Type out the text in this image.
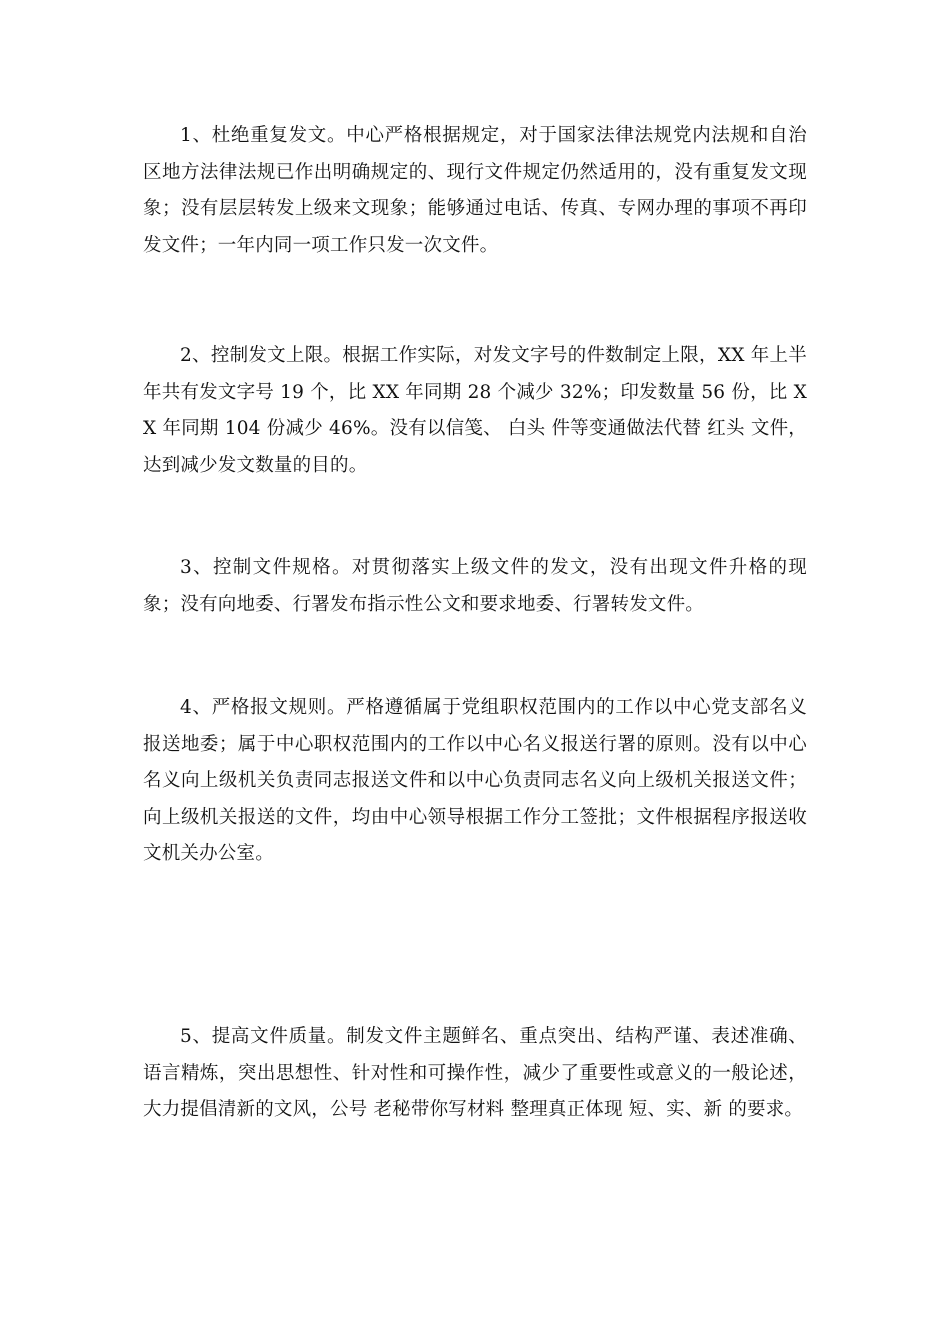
1、杜绝重复发文。中心严格根据规定，对于国家法律法规党内法规和自治区地方法律法规已作出明确规定的、现行文件规定仍然适用的，没有重复发文现象；没有层层转发上级来文现象；能够通过电话、传真、专网办理的事项不再印发文件；一年内同一项工作只发一次文件。

2、控制发文上限。根据工作实际，对发文字号的件数制定上限，XX 年上半年共有发文字号 19 个，比 XX 年同期 28 个减少 32%；印发数量 56 份，比 XX 年同期 104 份减少 46%。没有以信笺、 白头 件等变通做法代替 红头 文件，达到减少发文数量的目的。

3、控制文件规格。对贯彻落实上级文件的发文，没有出现文件升格的现象；没有向地委、行署发布指示性公文和要求地委、行署转发文件。

4、严格报文规则。严格遵循属于党组职权范围内的工作以中心党支部名义报送地委；属于中心职权范围内的工作以中心名义报送行署的原则。没有以中心名义向上级机关负责同志报送文件和以中心负责同志名义向上级机关报送文件；向上级机关报送的文件，均由中心领导根据工作分工签批；文件根据程序报送收文机关办公室。

5、提高文件质量。制发文件主题鲜名、重点突出、结构严谨、表述准确、语言精炼，突出思想性、针对性和可操作性，减少了重要性或意义的一般论述，大力提倡清新的文风，公号 老秘带你写材料 整理真正体现 短、实、新 的要求。
